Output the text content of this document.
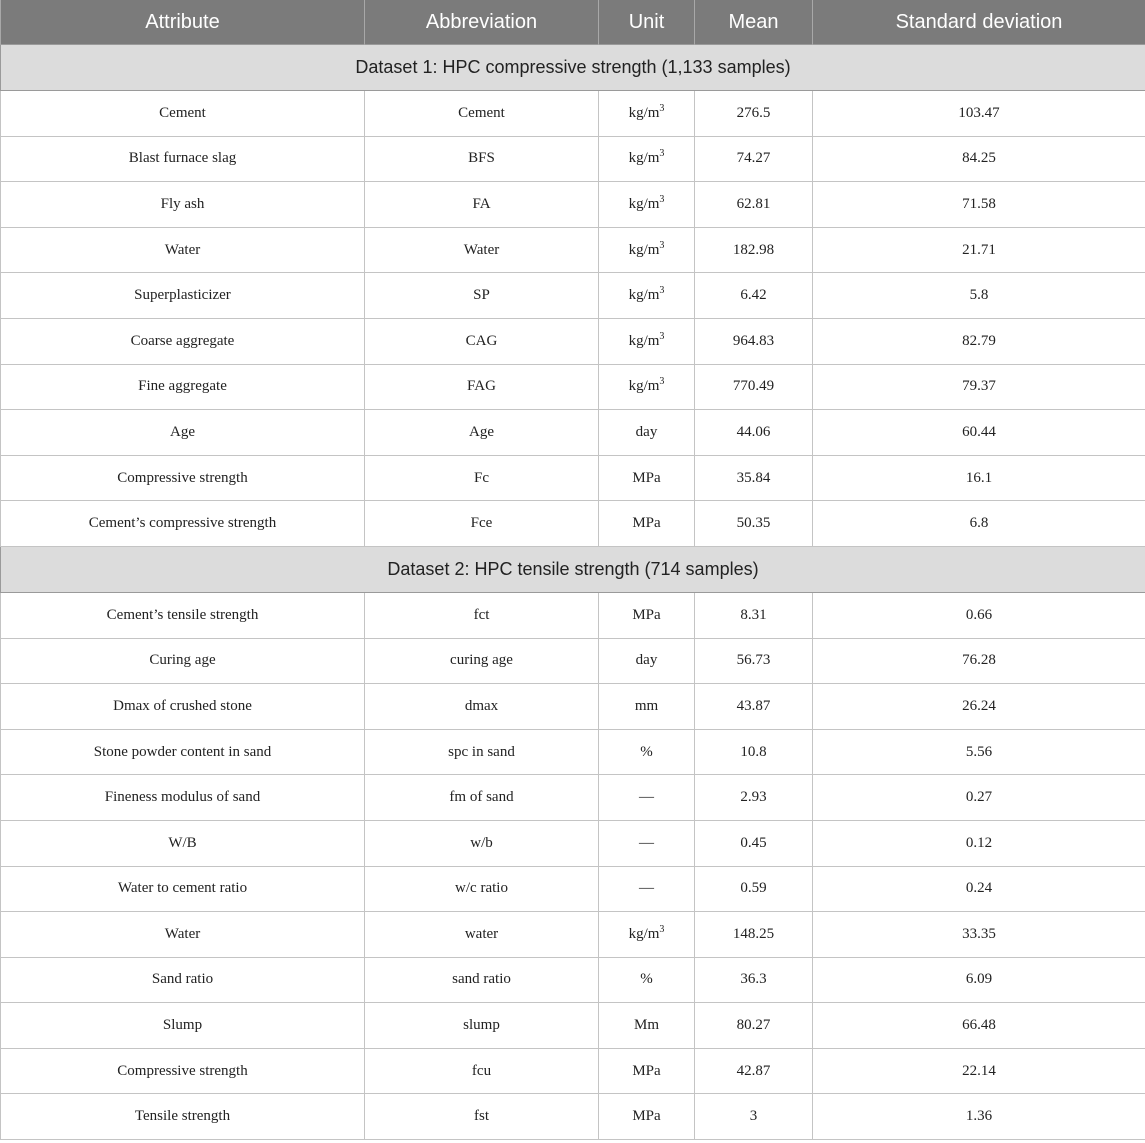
Attribute	Abbreviation	Unit	Mean	Standard deviation
Dataset 1: HPC compressive strength (1,133 samples)				
Cement	Cement	$kg/m^3$	276.5	103.47
Blast furnace slag	BFS	$kg/m^3$	74.27	84.25
Fly ash	FA	$kg/m^3$	62.81	71.58
Water	Water	$kg/m^3$	182.98	21.71
Superplasticizer	SP	$kg/m^3$	6.42	5.8
Coarse aggregate	CAG	$kg/m^3$	964.83	82.79
Fine aggregate	FAG	$kg/m^3$	770.49	79.37
Age	Age	day	44.06	60.44
Compressive strength	Fc	MPa	35.84	16.1
Cement’s compressive strength	Fce	MPa	50.35	6.8
Dataset 2: HPC tensile strength (714 samples)				
Cement’s tensile strength	fct	MPa	8.31	0.66
Curing age	curing age	day	56.73	76.28
Dmax of crushed stone	dmax	mm	43.87	26.24
Stone powder content in sand	spc in sand	%	10.8	5.56
Fineness modulus of sand	fm of sand	—	2.93	0.27
W/B	w/b	—	0.45	0.12
Water to cement ratio	w/c ratio	—	0.59	0.24
Water	water	$kg/m^3$	148.25	33.35
Sand ratio	sand ratio	%	36.3	6.09
Slump	slump	Mm	80.27	66.48
Compressive strength	fcu	MPa	42.87	22.14
Tensile strength	fst	MPa	3	1.36
